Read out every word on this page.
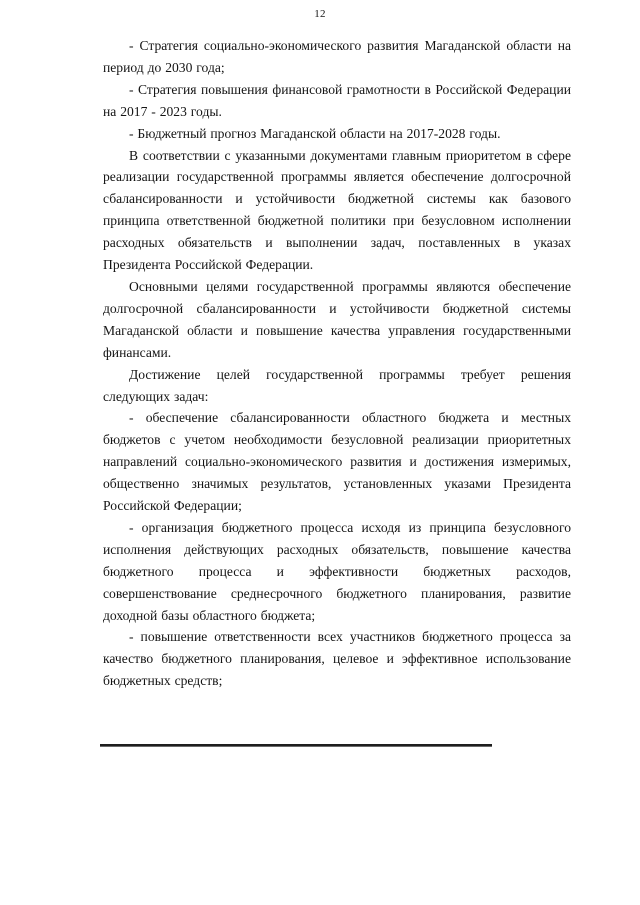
12

- Стратегия социально-экономического развития Магаданской области на период до 2030 года;

- Стратегия повышения финансовой грамотности в Российской Федерации на 2017 - 2023 годы.

- Бюджетный прогноз Магаданской области на 2017-2028 годы.

В соответствии с указанными документами главным приоритетом в сфере реализации государственной программы является обеспечение долгосрочной сбалансированности и устойчивости бюджетной системы как базового принципа ответственной бюджетной политики при безусловном исполнении расходных обязательств и выполнении задач, поставленных в указах Президента Российской Федерации.

Основными целями государственной программы являются обеспечение долгосрочной сбалансированности и устойчивости бюджетной системы Магаданской области и повышение качества управления государственными финансами.

Достижение целей государственной программы требует решения следующих задач:

- обеспечение сбалансированности областного бюджета и местных бюджетов с учетом необходимости безусловной реализации приоритетных направлений социально-экономического развития и достижения измеримых, общественно значимых результатов, установленных указами Президента Российской Федерации;

- организация бюджетного процесса исходя из принципа безусловного исполнения действующих расходных обязательств, повышение качества бюджетного процесса и эффективности бюджетных расходов, совершенствование среднесрочного бюджетного планирования, развитие доходной базы областного бюджета;

- повышение ответственности всех участников бюджетного процесса за качество бюджетного планирования, целевое и эффективное использование бюджетных средств;
